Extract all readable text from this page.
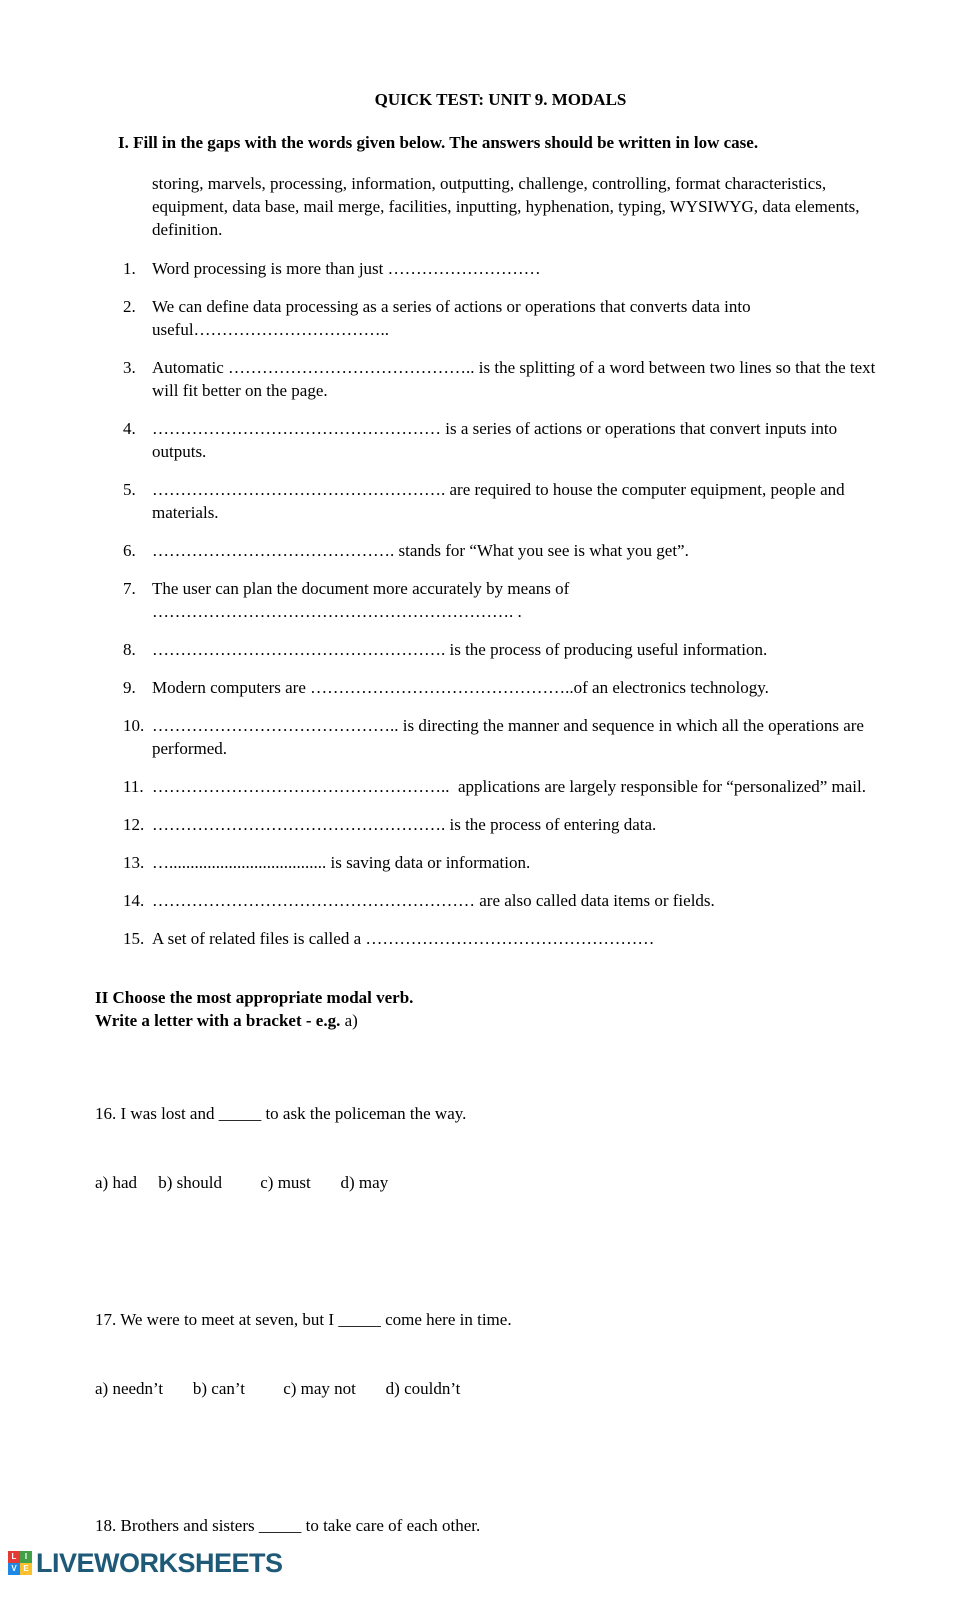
QUICK TEST: UNIT 9. MODALS
I. Fill in the gaps with the words given below. The answers should be written in low case.
storing, marvels, processing, information, outputting, challenge, controlling, format characteristics, equipment, data base, mail merge, facilities, inputting, hyphenation, typing, WYSIWYG, data elements, definition.
1. Word processing is more than just ………………………
2. We can define data processing as a series of actions or operations that converts data into useful……………………………..
3. Automatic …………………………………….. is the splitting of a word between two lines so that the text will fit better on the page.
4. …………………………………………… is a series of actions or operations that convert inputs into outputs.
5. ……………………………………………. are required to house the computer equipment, people and materials.
6. ……………………………………. stands for “What you see is what you get”.
7. The user can plan the document more accurately by means of ………………………………………………………. .
8. ……………………………………………. is the process of producing useful information.
9. Modern computers are ………………………………………..of an electronics technology.
10. …………………………………….. is directing the manner and sequence in which all the operations are performed.
11. ……………………………………………..  applications are largely responsible for “personalized” mail.
12. ……………………………………………. is the process of entering data.
13. …..................................... is saving data or information.
14. ………………………………………………… are also called data items or fields.
15. A set of related files is called a ……………………………………………
II Choose the most appropriate modal verb.
Write a letter with a bracket - e.g. a)

16. I was lost and _____ to ask the policeman the way.

a) had     b) should         c) must       d) may

17. We were to meet at seven, but I _____ come here in time.

a) needn’t       b) can’t         c) may not       d) couldn’t

18. Brothers and sisters _____ to take care of each other.

L	I
V E LIVEWORKSHEETS
